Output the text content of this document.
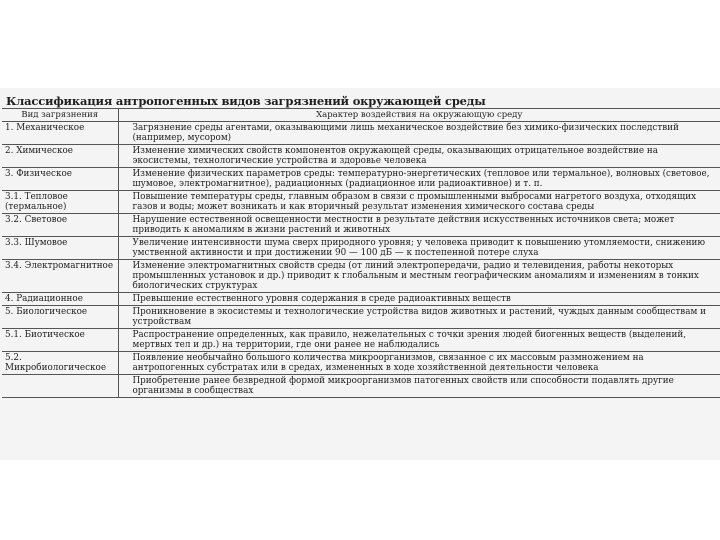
Классификация антропогенных видов загрязнений окружающей среды
Вид загрязнения	Характер воздействия на окружающую среду
1. Механическое	Загрязнение среды агентами, оказывающими лишь механическое воздействие без химико-физических последствий (например, мусором)
2. Химическое	Изменение химических свойств компонентов окружающей среды, оказывающих отрицательное воздействие на экосистемы, технологические устройства и здоровье человека
3. Физическое	Изменение физических параметров среды: температурно-энергетических (тепловое или термальное), волновых (световое, шумовое, электромагнитное), радиационных (радиационное или радиоактивное) и т. п.
3.1. Тепловое (термальное)	Повышение температуры среды, главным образом в связи с промышленными выбросами нагретого воздуха, отходящих газов и воды; может возникать и как вторичный результат изменения химического состава среды
3.2. Световое	Нарушение естественной освещенности местности в результате действия искусственных источников света; может приводить к аномалиям в жизни растений и животных
3.3. Шумовое	Увеличение интенсивности шума сверх природного уровня; у человека приводит к повышению утомляемости, снижению умственной активности и при достижении 90 — 100 дБ — к постепенной потере слуха
3.4. Электромагнитное	Изменение электромагнитных свойств среды (от линий электропередачи, радио и телевидения, работы некоторых промышленных установок и др.) приводит к глобальным и местным географическим аномалиям и изменениям в тонких биологических структурах
4. Радиационное	Превышение естественного уровня содержания в среде радиоактивных веществ
5. Биологическое	Проникновение в экосистемы и технологические устройства видов животных и растений, чуждых данным сообществам и устройствам
5.1. Биотическое	Распространение определенных, как правило, нежелательных с точки зрения людей биогенных веществ (выделений, мертвых тел и др.) на территории, где они ранее не наблюдались
5.2. Микробиологическое	Появление необычайно большого количества микроорганизмов, связанное с их массовым размножением на антропогенных субстратах или в средах, измененных в ходе хозяйственной деятельности человека
	Приобретение ранее безвредной формой микроорганизмов патогенных свойств или способности подавлять другие организмы в сообществах
